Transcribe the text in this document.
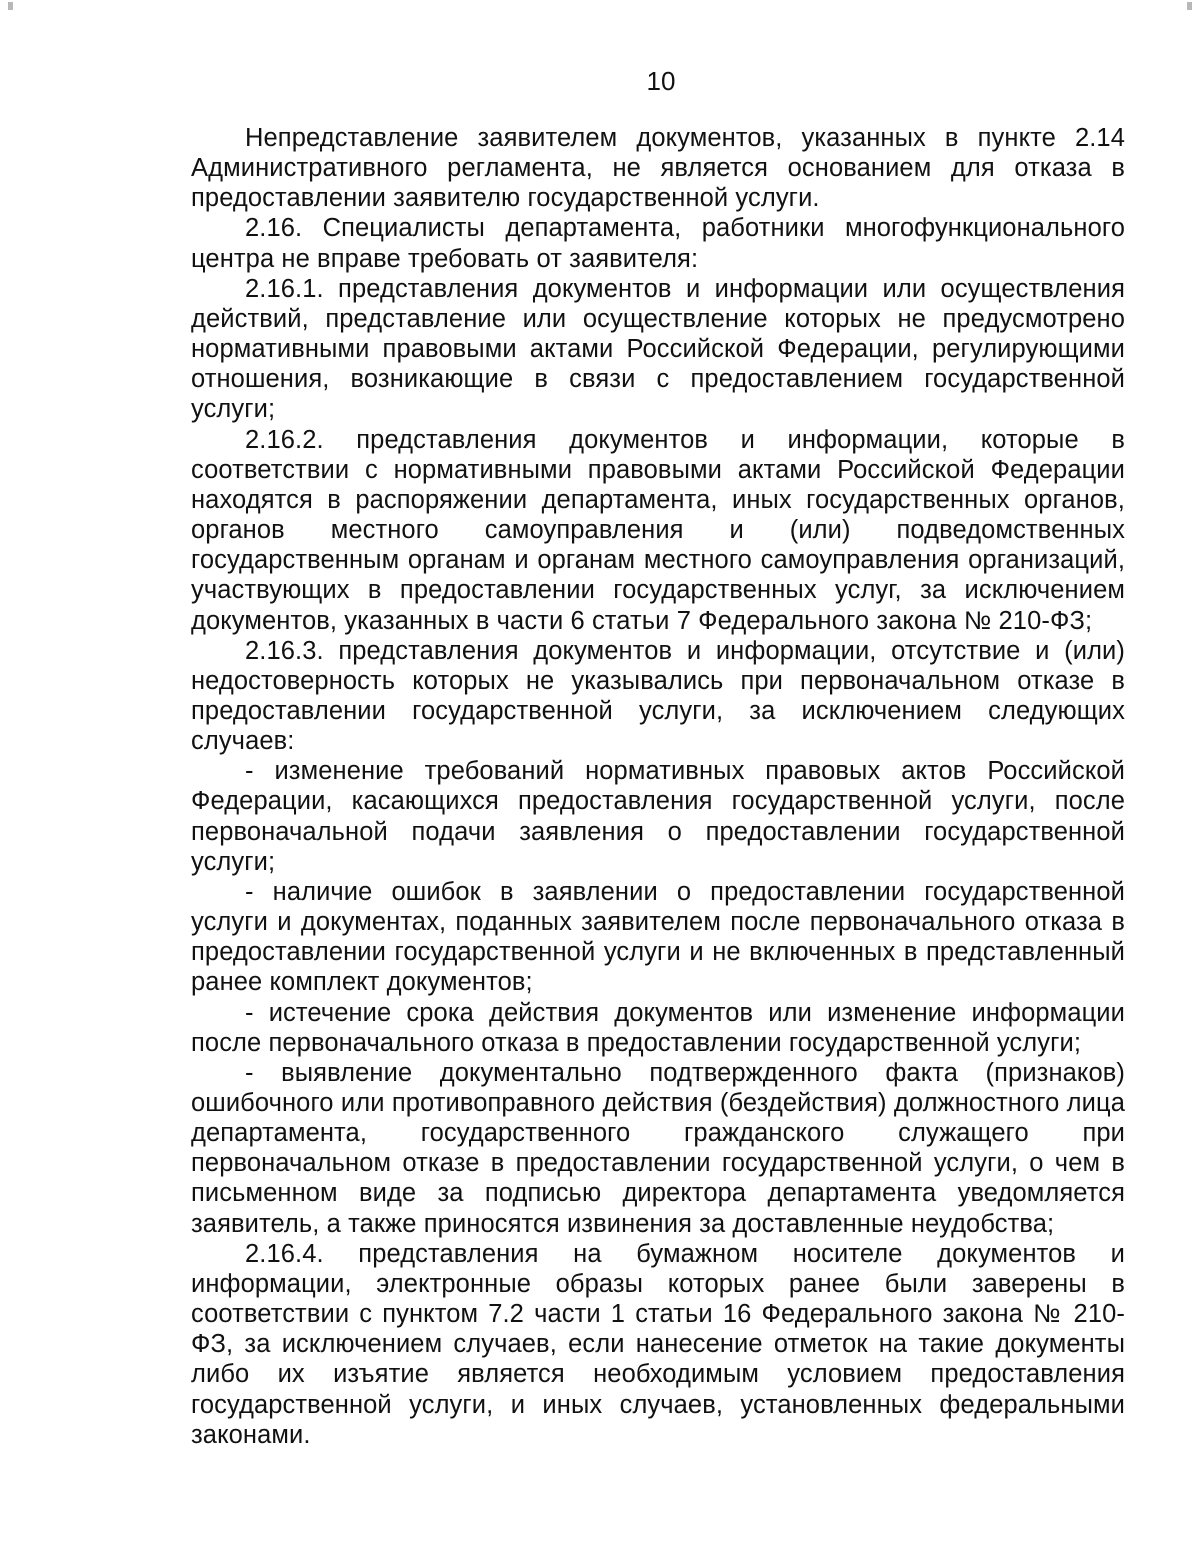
10

Непредставление заявителем документов, указанных в пункте 2.14 Административного регламента, не является основанием для отказа в предоставлении заявителю государственной услуги.

2.16. Специалисты департамента, работники многофункционального центра не вправе требовать от заявителя:

2.16.1. представления документов и информации или осуществления действий, представление или осуществление которых не предусмотрено нормативными правовыми актами Российской Федерации, регулирующими отношения, возникающие в связи с предоставлением государственной услуги;

2.16.2. представления документов и информации, которые в соответствии с нормативными правовыми актами Российской Федерации находятся в распоряжении департамента, иных государственных органов, органов местного самоуправления и (или) подведомственных государственным органам и органам местного самоуправления организаций, участвующих в предоставлении государственных услуг, за исключением документов, указанных в части 6 статьи 7 Федерального закона № 210-ФЗ;

2.16.3. представления документов и информации, отсутствие и (или) недостоверность которых не указывались при первоначальном отказе в предоставлении государственной услуги, за исключением следующих случаев:

- изменение требований нормативных правовых актов Российской Федерации, касающихся предоставления государственной услуги, после первоначальной подачи заявления о предоставлении государственной услуги;

- наличие ошибок в заявлении о предоставлении государственной услуги и документах, поданных заявителем после первоначального отказа в предоставлении государственной услуги и не включенных в представленный ранее комплект документов;

- истечение срока действия документов или изменение информации после первоначального отказа в предоставлении государственной услуги;

- выявление документально подтвержденного факта (признаков) ошибочного или противоправного действия (бездействия) должностного лица департамента, государственного гражданского служащего при первоначальном отказе в предоставлении государственной услуги, о чем в письменном виде за подписью директора департамента уведомляется заявитель, а также приносятся извинения за доставленные неудобства;

2.16.4. представления на бумажном носителе документов и информации, электронные образы которых ранее были заверены в соответствии с пунктом 7.2 части 1 статьи 16 Федерального закона № 210-ФЗ, за исключением случаев, если нанесение отметок на такие документы либо их изъятие является необходимым условием предоставления государственной услуги, и иных случаев, установленных федеральными законами.
